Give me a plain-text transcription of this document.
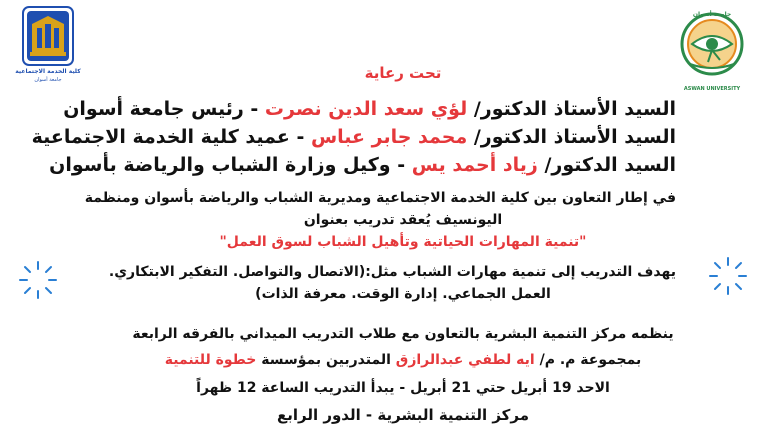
كلية الخدمة الاجتماعية
جامعة أسوان
جامعة أسوان
ASWAN UNIVERSITY
تحت رعاية
السيد الأستاذ الدكتور/ لؤي سعد الدين نصرت - رئيس جامعة أسوان
السيد الأستاذ الدكتور/ محمد جابر عباس - عميد كلية الخدمة الاجتماعية
السيد الدكتور/ زياد أحمد يس - وكيل وزارة الشباب والرياضة بأسوان
في إطار التعاون بين كلية الخدمة الاجتماعية ومديرية الشباب والرياضة بأسوان ومنظمة
اليونسيف يُعقد تدريب بعنوان
"تنمية المهارات الحياتية وتأهيل الشباب لسوق العمل"
يهدف التدريب إلى تنمية مهارات الشباب مثل:(الاتصال والتواصل. التفكير الابتكاري.
العمل الجماعي. إدارة الوقت. معرفة الذات)
ينظمه مركز التنمية البشرية بالتعاون مع طلاب التدريب الميداني بالفرقه الرابعة
بمجموعة م. م/ ايه لطفي عبدالرازق المتدربين بمؤسسة خطوة للتنمية
الاحد 19 أبريل حتي 21 أبريل - يبدأ التدريب الساعة 12 ظهراً
مركز التنمية البشرية - الدور الرابع
